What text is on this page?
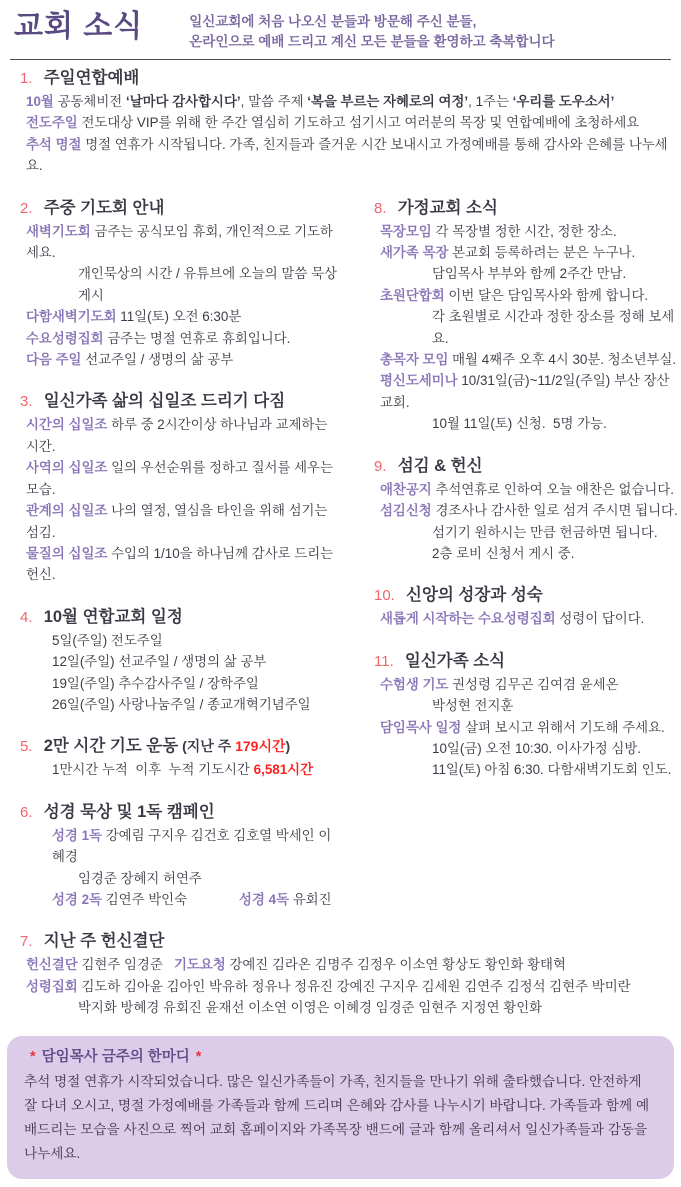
교회 소식	일신교회에 처음 나오신 분들과 방문해 주신 분들,
온라인으로 예배 드리고 계신 모든 분들을 환영하고 축복합니다
1. 주일연합예배
10월 공동체비전 ‘날마다 감사합시다’, 말씀 주제 ‘복을 부르는 자혜로의 여정’, 1주는 ‘우리를 도우소서’
전도주일 전도대상 VIP를 위해 한 주간 열심히 기도하고 섬기시고 여러분의 목장 및 연합예배에 초청하세요
추석 명절 명절 연휴가 시작됩니다. 가족, 친지들과 즐거운 시간 보내시고 가정예배를 통해 감사와 은혜를 나누세요.
2. 주중 기도회 안내
새벽기도회 금주는 공식모임 휴회, 개인적으로 기도하세요.
개인묵상의 시간 / 유튜브에 오늘의 말씀 묵상 게시
다함새벽기도회 11일(토) 오전 6:30분
수요성령집회 금주는 명절 연휴로 휴회입니다.
다음 주일 선교주일 / 생명의 삶 공부
3. 일신가족 삶의 십일조 드리기 다짐
시간의 십일조 하루 중 2시간이상 하나님과 교제하는 시간.
사역의 십일조 일의 우선순위를 정하고 질서를 세우는 모습.
관계의 십일조 나의 열정, 열심을 타인을 위해 섬기는 섬김.
물질의 십일조 수입의 1/10을 하나님께 감사로 드리는 헌신.
4. 10월 연합교회 일정
5일(주일) 전도주일
12일(주일) 선교주일 / 생명의 삶 공부
19일(주일) 추수감사주일 / 장학주일
26일(주일) 사랑나눔주일 / 종교개혁기념주일
5. 2만 시간 기도 운동 (지난 주 179시간)
1만시간 누적  이후  누적 기도시간 6,581시간
6. 성경 묵상 및 1독 캠페인
성경 1독 강예림 구지우 김건호 김호열 박세인 이혜경
임경준 장혜지 허연주
성경 2독 김연주 박인숙	성경 4독 유회진
8. 가정교회 소식
목장모임 각 목장별 정한 시간, 정한 장소.
새가족 목장 본교회 등록하려는 분은 누구나.
담임목사 부부와 함께 2주간 만남.
초원단합회 이번 달은 담임목사와 함께 합니다.
각 초원별로 시간과 정한 장소를 정해 보세요.
총목자 모임 매월 4째주 오후 4시 30분. 청소년부실.
평신도세미나 10/31일(금)~11/2일(주일) 부산 장산교회.
10월 11일(토) 신청.  5명 가능.
9. 섬김 & 헌신
애찬공지 추석연휴로 인하여 오늘 애찬은 없습니다.
섬김신청 경조사나 감사한 일로 섬겨 주시면 됩니다.
섬기기 원하시는 만큼 헌금하면 됩니다.
2층 로비 신청서 게시 중.
10. 신앙의 성장과 성숙
새롭게 시작하는 수요성령집회 성령이 답이다.
11. 일신가족 소식
수험생 기도 권성령 김무곤 김여겸 윤세온
박성현 전지훈
담임목사 일정 살펴 보시고 위해서 기도해 주세요.
10일(금) 오전 10:30. 이사가정 심방.
11일(토) 아침 6:30. 다함새벽기도회 인도.
7. 지난 주 헌신결단
헌신결단 김현주 임경준   기도요청 강예진 김라온 김명주 김정우 이소연 황상도 황인화 황태혁
성령집회 김도하 김아윤 김아인 박유하 정유나 정유진 강예진 구지우 김세원 김연주 김정석 김현주 박미란
박지화 방혜경 유회진 윤재선 이소연 이영은 이혜경 임경준 임현주 지정연 황인화
* 담임목사 금주의 한마디 *
추석 명절 연휴가 시작되었습니다. 많은 일신가족들이 가족, 친지들을 만나기 위해 출타했습니다. 안전하게 잘 다녀 오시고, 명절 가정예배를 가족들과 함께 드리며 은혜와 감사를 나누시기 바랍니다. 가족들과 함께 예배드리는 모습을 사진으로 찍어 교회 홈페이지와 가족목장 밴드에 글과 함께 올리셔서 일신가족들과 감동을 나누세요.
